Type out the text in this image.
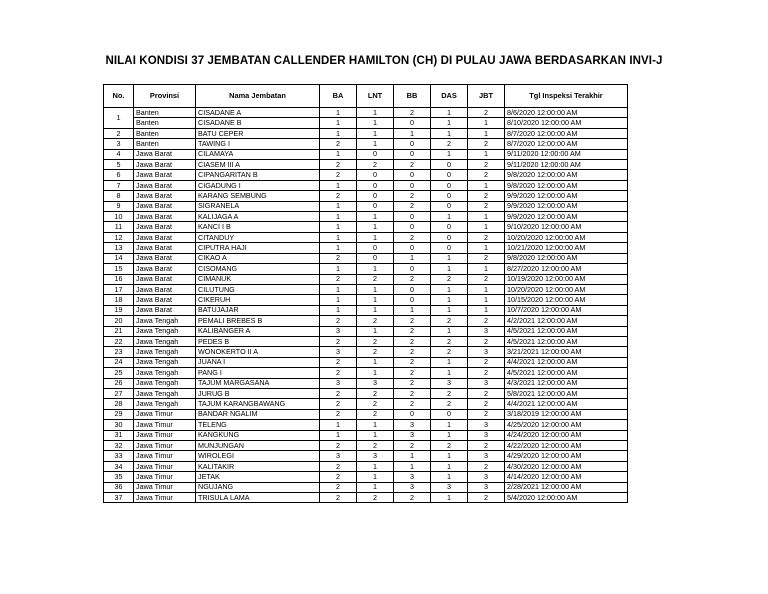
NILAI KONDISI 37 JEMBATAN CALLENDER HAMILTON (CH) DI PULAU JAWA BERDASARKAN INVI-J
No.	Provinsi	Nama Jembatan	BA	LNT	BB	DAS	JBT	Tgl Inspeksi Terakhir
1	Banten	CISADANE A	1	1	2	1	2	8/6/2020 12:00:00 AM
	Banten	CISADANE B	1	1	0	1	1	8/10/2020 12:00:00 AM
2	Banten	BATU CEPER	1	1	1	1	1	8/7/2020 12:00:00 AM
3	Banten	TAWING I	2	1	0	2	2	8/7/2020 12:00:00 AM
4	Jawa Barat	CILAMAYA	1	0	0	1	1	9/11/2020 12:00:00 AM
5	Jawa Barat	CIASEM III A	2	2	2	0	2	9/11/2020 12:00:00 AM
6	Jawa Barat	CIPANGARITAN B	2	0	0	0	2	9/8/2020 12:00:00 AM
7	Jawa Barat	CIGADUNG I	1	0	0	0	1	9/8/2020 12:00:00 AM
8	Jawa Barat	KARANG SEMBUNG	2	0	2	0	2	9/9/2020 12:00:00 AM
9	Jawa Barat	SIGRANELA	1	0	2	0	2	9/9/2020 12:00:00 AM
10	Jawa Barat	KALIJAGA A	1	1	0	1	1	9/9/2020 12:00:00 AM
11	Jawa Barat	KANCI I B	1	1	0	0	1	9/10/2020 12:00:00 AM
12	Jawa Barat	CITANDUY	1	1	2	0	2	10/20/2020 12:00:00 AM
13	Jawa Barat	CIPUTRA HAJI	1	0	0	0	1	10/21/2020 12:00:00 AM
14	Jawa Barat	CIKAO A	2	0	1	1	2	9/8/2020 12:00:00 AM
15	Jawa Barat	CISOMANG	1	1	0	1	1	8/27/2020 12:00:00 AM
16	Jawa Barat	CIMANUK	2	2	2	2	2	10/19/2020 12:00:00 AM
17	Jawa Barat	CILUTUNG	1	1	0	1	1	10/20/2020 12:00:00 AM
18	Jawa Barat	CIKERUH	1	1	0	1	1	10/15/2020 12:00:00 AM
19	Jawa Barat	BATUJAJAR	1	1	1	1	1	10/7/2020 12:00:00 AM
20	Jawa Tengah	PEMALI BREBES B	2	2	2	2	2	4/2/2021 12:00:00 AM
21	Jawa Tengah	KALIBANGER A	3	1	2	1	3	4/5/2021 12:00:00 AM
22	Jawa Tengah	PEDES B	2	2	2	2	2	4/5/2021 12:00:00 AM
23	Jawa Tengah	WONOKERTO II A	3	2	2	2	3	3/21/2021 12:00:00 AM
24	Jawa Tengah	JUANA I	2	1	2	1	2	4/4/2021 12:00:00 AM
25	Jawa Tengah	PANG I	2	1	2	1	2	4/5/2021 12:00:00 AM
26	Jawa Tengah	TAJUM MARGASANA	3	3	2	3	3	4/3/2021 12:00:00 AM
27	Jawa Tengah	JURUG B	2	2	2	2	2	5/8/2021 12:00:00 AM
28	Jawa Tengah	TAJUM KARANGBAWANG	2	2	2	2	2	4/4/2021 12:00:00 AM
29	Jawa Timur	BANDAR NGALIM	2	2	0	0	2	3/18/2019 12:00:00 AM
30	Jawa Timur	TELENG	1	1	3	1	3	4/25/2020 12:00:00 AM
31	Jawa Timur	KANGKUNG	1	1	3	1	3	4/24/2020 12:00:00 AM
32	Jawa Timur	MUNJUNGAN	2	2	2	2	2	4/22/2020 12:00:00 AM
33	Jawa Timur	WIROLEGI	3	3	1	1	3	4/29/2020 12:00:00 AM
34	Jawa Timur	KALITAKIR	2	1	1	1	2	4/30/2020 12:00:00 AM
35	Jawa Timur	JETAK	2	1	3	1	3	4/14/2020 12:00:00 AM
36	Jawa Timur	NGUJANG	2	1	3	3	3	2/28/2021 12:00:00 AM
37	Jawa Timur	TRISULA LAMA	2	2	2	1	2	5/4/2020 12:00:00 AM
